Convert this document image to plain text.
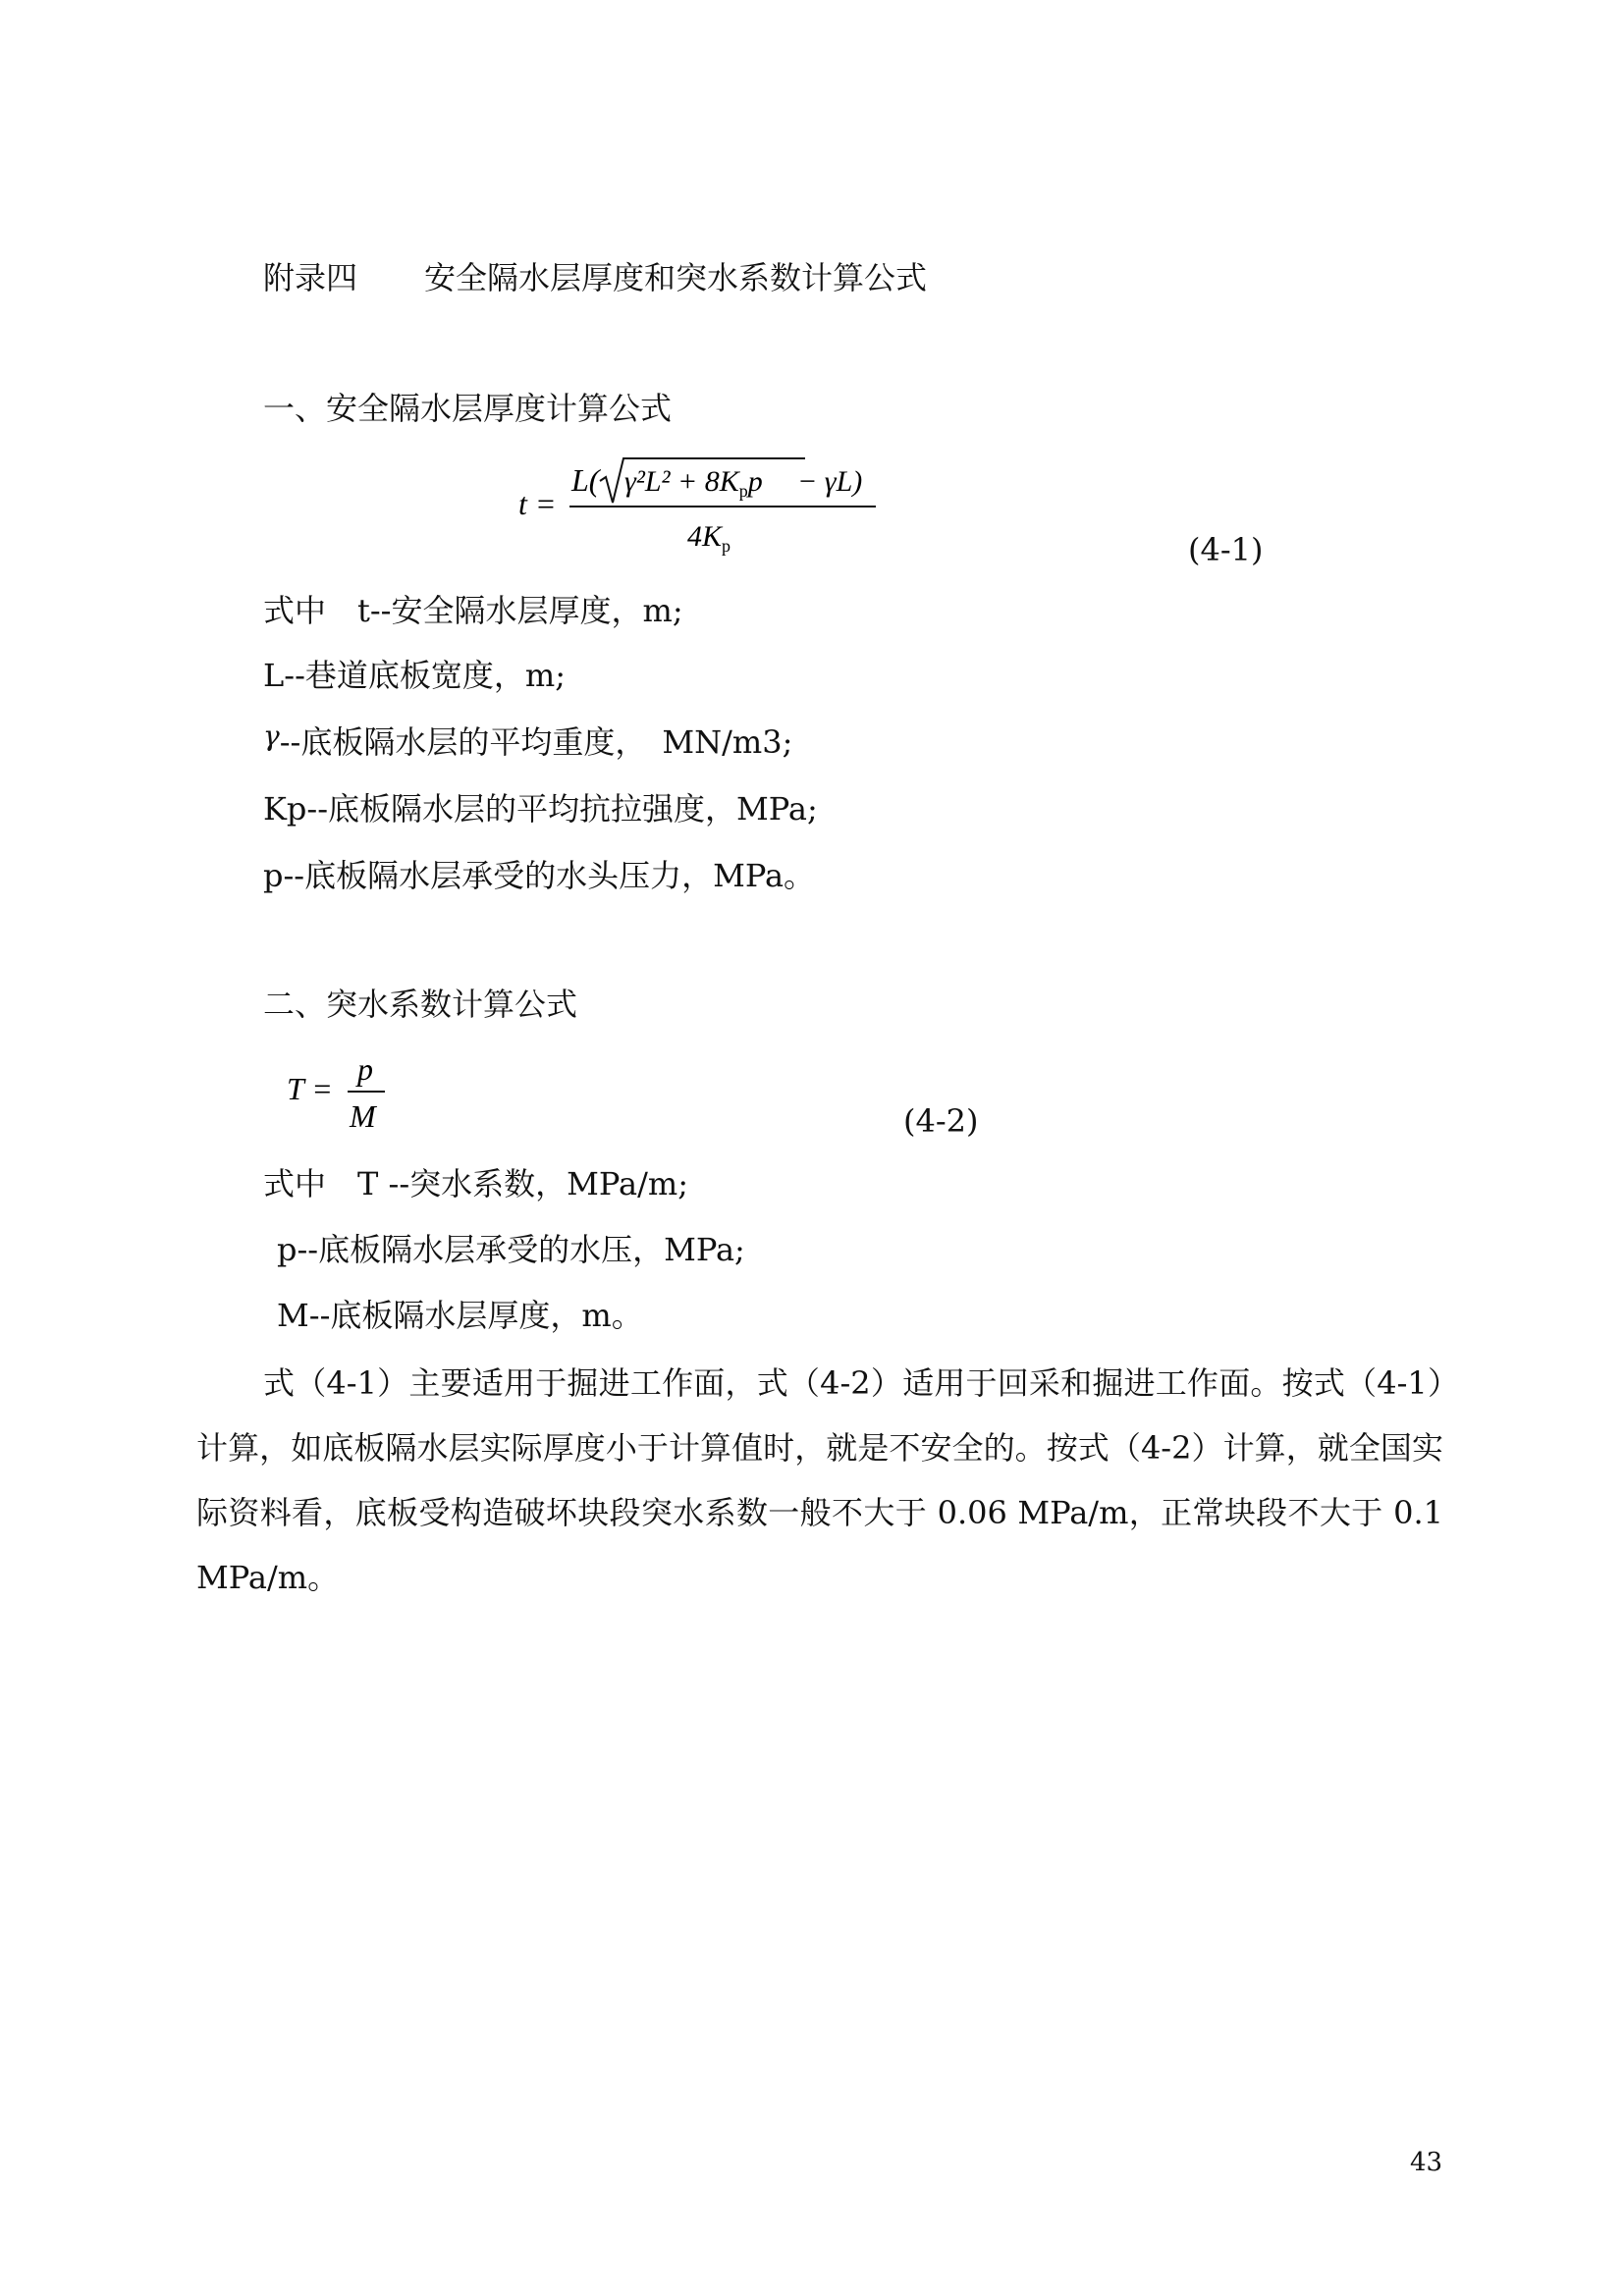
附录四 安全隔水层厚度和突水系数计算公式
一、安全隔水层厚度计算公式
t =
L( $\gamma^2L^2 + 8K_pp - \gamma L$)
$4K_p$	(4-1)
式中　t--安全隔水层厚度，m;
L--巷道底板宽度，m;
γ--底板隔水层的平均重度，　MN/m3;
Kp--底板隔水层的平均抗拉强度，MPa;
p--底板隔水层承受的水头压力，MPa。
二、突水系数计算公式
T =
p
M	(4-2)
式中　T --突水系数，MPa/m;
p--底板隔水层承受的水压，MPa;
M--底板隔水层厚度，m。
式（4-1）主要适用于掘进工作面，式（4-2）适用于回采和掘进工作面。按式（4-1）计算，如底板隔水层实际厚度小于计算值时，就是不安全的。按式（4-2）计算，就全国实际资料看，底板受构造破坏块段突水系数一般不大于 0.06 MPa/m，正常块段不大于 0.1 MPa/m。
43
